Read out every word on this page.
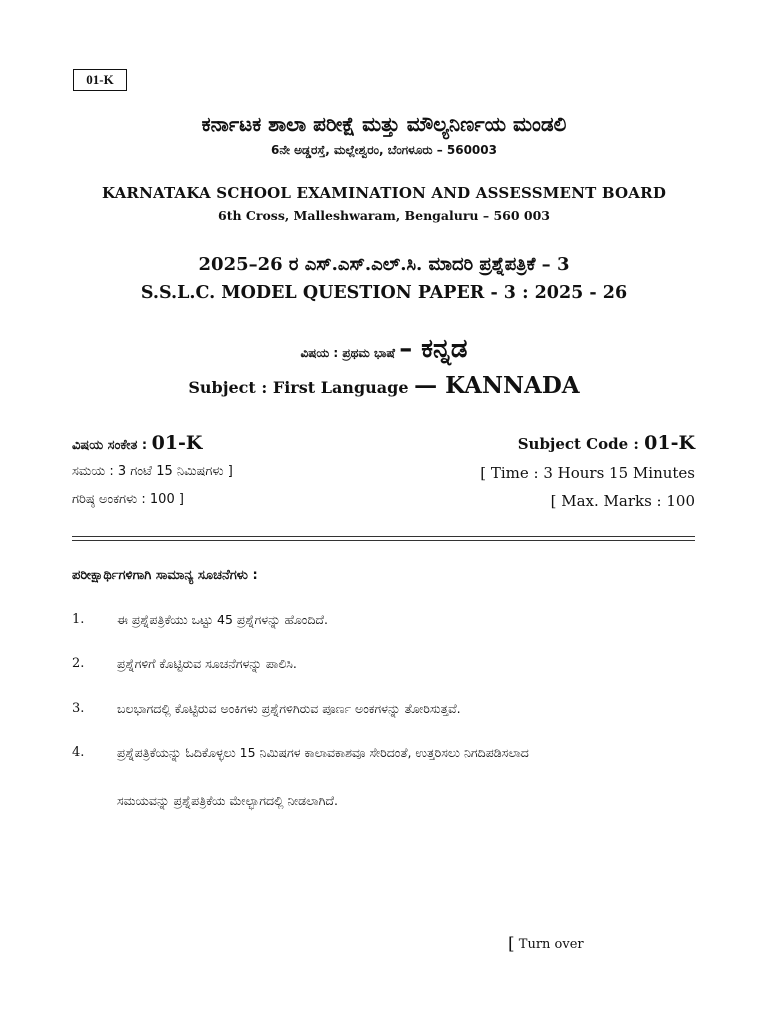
01-K
ಕರ್ನಾಟಕ ಶಾಲಾ ಪರೀಕ್ಷೆ ಮತ್ತು ಮೌಲ್ಯನಿರ್ಣಯ ಮಂಡಲಿ
6ನೇ ಅಡ್ಡರಸ್ತೆ, ಮಲ್ಲೇಶ್ವರಂ, ಬೆಂಗಳೂರು – 560003
KARNATAKA SCHOOL EXAMINATION AND ASSESSMENT BOARD
6th Cross, Malleshwaram, Bengaluru – 560 003
2025–26 ರ ಎಸ್.ಎಸ್.ಎಲ್.ಸಿ. ಮಾದರಿ ಪ್ರಶ್ನೆಪತ್ರಿಕೆ – 3
S.S.L.C. MODEL QUESTION PAPER - 3 : 2025 - 26
ವಿಷಯ : ಪ್ರಥಮ ಭಾಷೆ – ಕನ್ನಡ
Subject : First Language — KANNADA
ವಿಷಯ ಸಂಕೇತ : 01-K	Subject Code : 01-K
ಸಮಯ : 3 ಗಂಟೆ 15 ನಿಮಿಷಗಳು ]	[ Time : 3 Hours 15 Minutes
ಗರಿಷ್ಠ ಅಂಕಗಳು : 100 ]	[ Max. Marks : 100
ಪರೀಕ್ಷಾರ್ಥಿಗಳಿಗಾಗಿ ಸಾಮಾನ್ಯ ಸೂಚನೆಗಳು :
1.	ಈ ಪ್ರಶ್ನೆಪತ್ರಿಕೆಯು ಒಟ್ಟು 45 ಪ್ರಶ್ನೆಗಳನ್ನು ಹೊಂದಿದೆ.
2.	ಪ್ರಶ್ನೆಗಳಿಗೆ ಕೊಟ್ಟಿರುವ ಸೂಚನೆಗಳನ್ನು ಪಾಲಿಸಿ.
3.	ಬಲಭಾಗದಲ್ಲಿ ಕೊಟ್ಟಿರುವ ಅಂಕಿಗಳು ಪ್ರಶ್ನೆಗಳಿಗಿರುವ ಪೂರ್ಣ ಅಂಕಗಳನ್ನು ತೋರಿಸುತ್ತವೆ.
4.	ಪ್ರಶ್ನೆಪತ್ರಿಕೆಯನ್ನು ಓದಿಕೊಳ್ಳಲು 15 ನಿಮಿಷಗಳ ಕಾಲಾವಕಾಶವೂ ಸೇರಿದಂತೆ, ಉತ್ತರಿಸಲು ನಿಗದಿಪಡಿಸಲಾದ
ಸಮಯವನ್ನು ಪ್ರಶ್ನೆಪತ್ರಿಕೆಯ ಮೇಲ್ಭಾಗದಲ್ಲಿ ನೀಡಲಾಗಿದೆ.
[ Turn over
